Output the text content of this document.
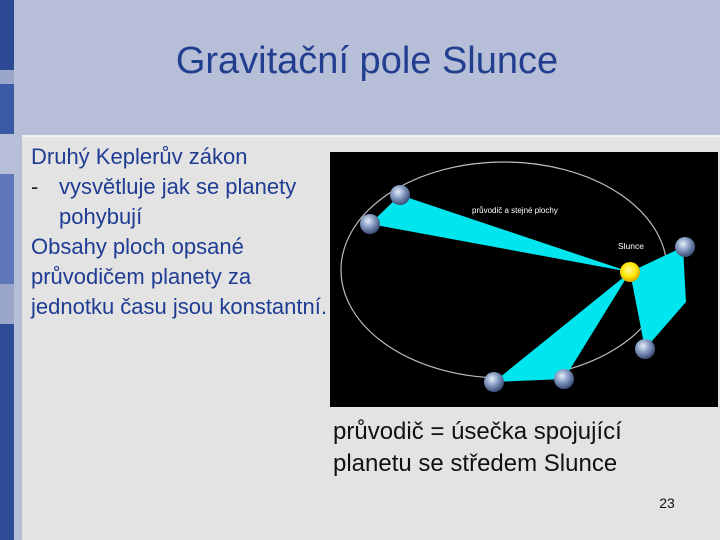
Gravitační pole Slunce

Druhý Keplerův zákon

- vysvětluje jak se planety pohybují

Obsahy ploch opsané průvodičem planety za jednotku času jsou konstantní.

průvodič a stejné plochy
Slunce
průvodič = úsečka spojující planetu se středem Slunce
23
